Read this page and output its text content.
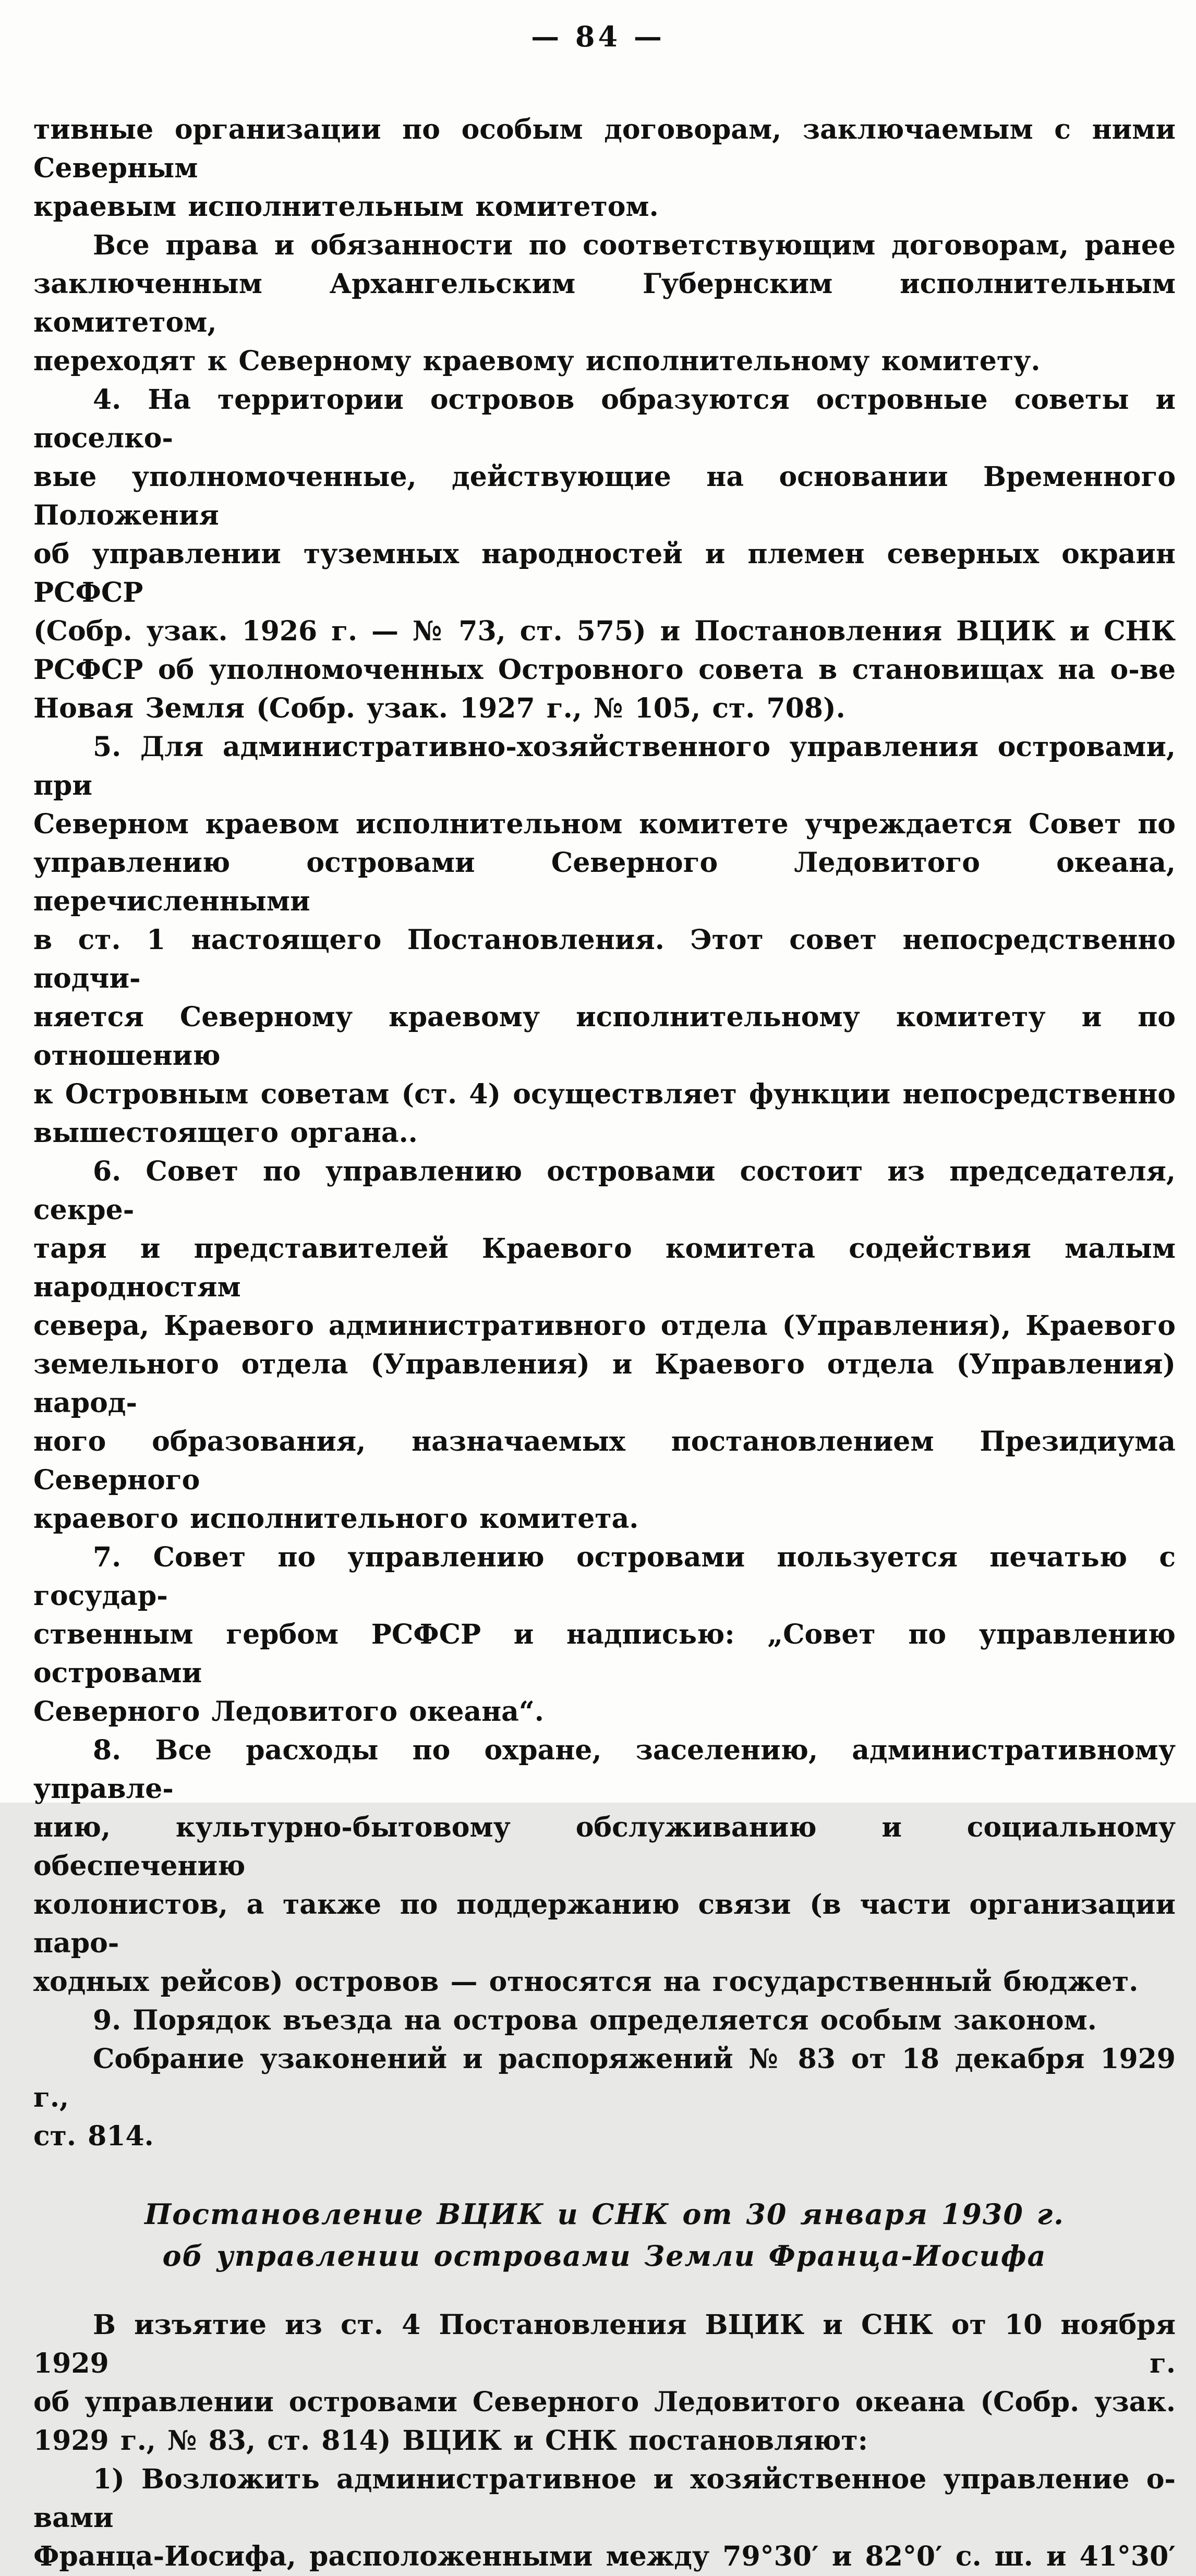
— 84 —
тивные организации по особым договорам, заключаемым с ними Северным
краевым исполнительным комитетом.
Все права и обязанности по соответствующим договорам, ранее
заключенным Архангельским Губернским исполнительным комитетом,
переходят к Северному краевому исполнительному комитету.
4. На территории островов образуются островные советы и поселко-
вые уполномоченные, действующие на основании Временного Положения
об управлении туземных народностей и племен северных окраин РСФСР
(Собр. узак. 1926 г. — № 73, ст. 575) и Постановления ВЦИК и СНК
РСФСР об уполномоченных Островного совета в становищах на о-ве
Новая Земля (Собр. узак. 1927 г., № 105, ст. 708).
5. Для административно-хозяйственного управления островами, при
Северном краевом исполнительном комитете учреждается Совет по
управлению островами Северного Ледовитого океана, перечисленными
в ст. 1 настоящего Постановления. Этот совет непосредственно подчи-
няется Северному краевому исполнительному комитету и по отношению
к Островным советам (ст. 4) осуществляет функции непосредственно
вышестоящего органа..
6. Совет по управлению островами состоит из председателя, секре-
таря и представителей Краевого комитета содействия малым народностям
севера, Краевого административного отдела (Управления), Краевого
земельного отдела (Управления) и Краевого отдела (Управления) народ-
ного образования, назначаемых постановлением Президиума Северного
краевого исполнительного комитета.
7. Совет по управлению островами пользуется печатью с государ-
ственным гербом РСФСР и надписью: „Совет по управлению островами
Северного Ледовитого океана“.
8. Все расходы по охране, заселению, административному управле-
нию, культурно-бытовому обслуживанию и социальному обеспечению
колонистов, а также по поддержанию связи (в части организации паро-
ходных рейсов) островов — относятся на государственный бюджет.
9. Порядок въезда на острова определяется особым законом.
Собрание узаконений и распоряжений № 83 от 18 декабря 1929 г.,
ст. 814.
Постановление ВЦИК и СНК от 30 января 1930 г.
об управлении островами Земли Франца-Иосифа
В изъятие из ст. 4 Постановления ВЦИК и СНК от 10 ноября 1929 г.
об управлении островами Северного Ледовитого океана (Собр. узак.
1929 г., № 83, ст. 814) ВЦИК и СНК постановляют:
1) Возложить административное и хозяйственное управление о-вами
Франца-Иосифа, расположенными между 79°30′ и 82°0′ с. ш. и 41°30′
